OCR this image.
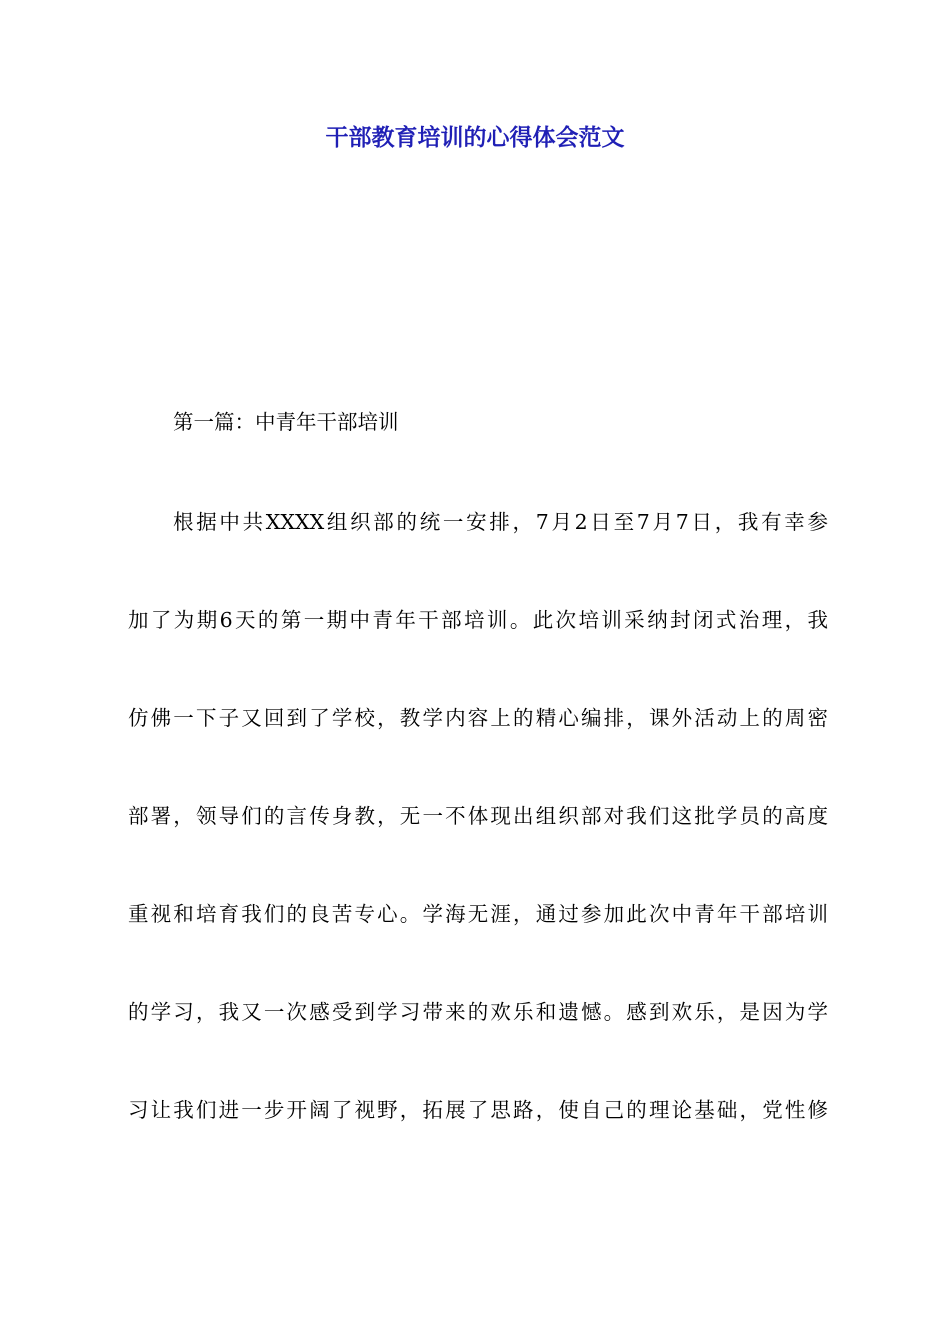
干部教育培训的心得体会范文

第一篇：中青年干部培训

根据中共XXXX组织部的统一安排，7月2日至7月7日，我有幸参
加了为期6天的第一期中青年干部培训。此次培训采纳封闭式治理，我
仿佛一下子又回到了学校，教学内容上的精心编排，课外活动上的周密
部署，领导们的言传身教，无一不体现出组织部对我们这批学员的高度
重视和培育我们的良苦专心。学海无涯，通过参加此次中青年干部培训
的学习，我又一次感受到学习带来的欢乐和遗憾。感到欢乐，是因为学
习让我们进一步开阔了视野，拓展了思路，使自己的理论基础，党性修
